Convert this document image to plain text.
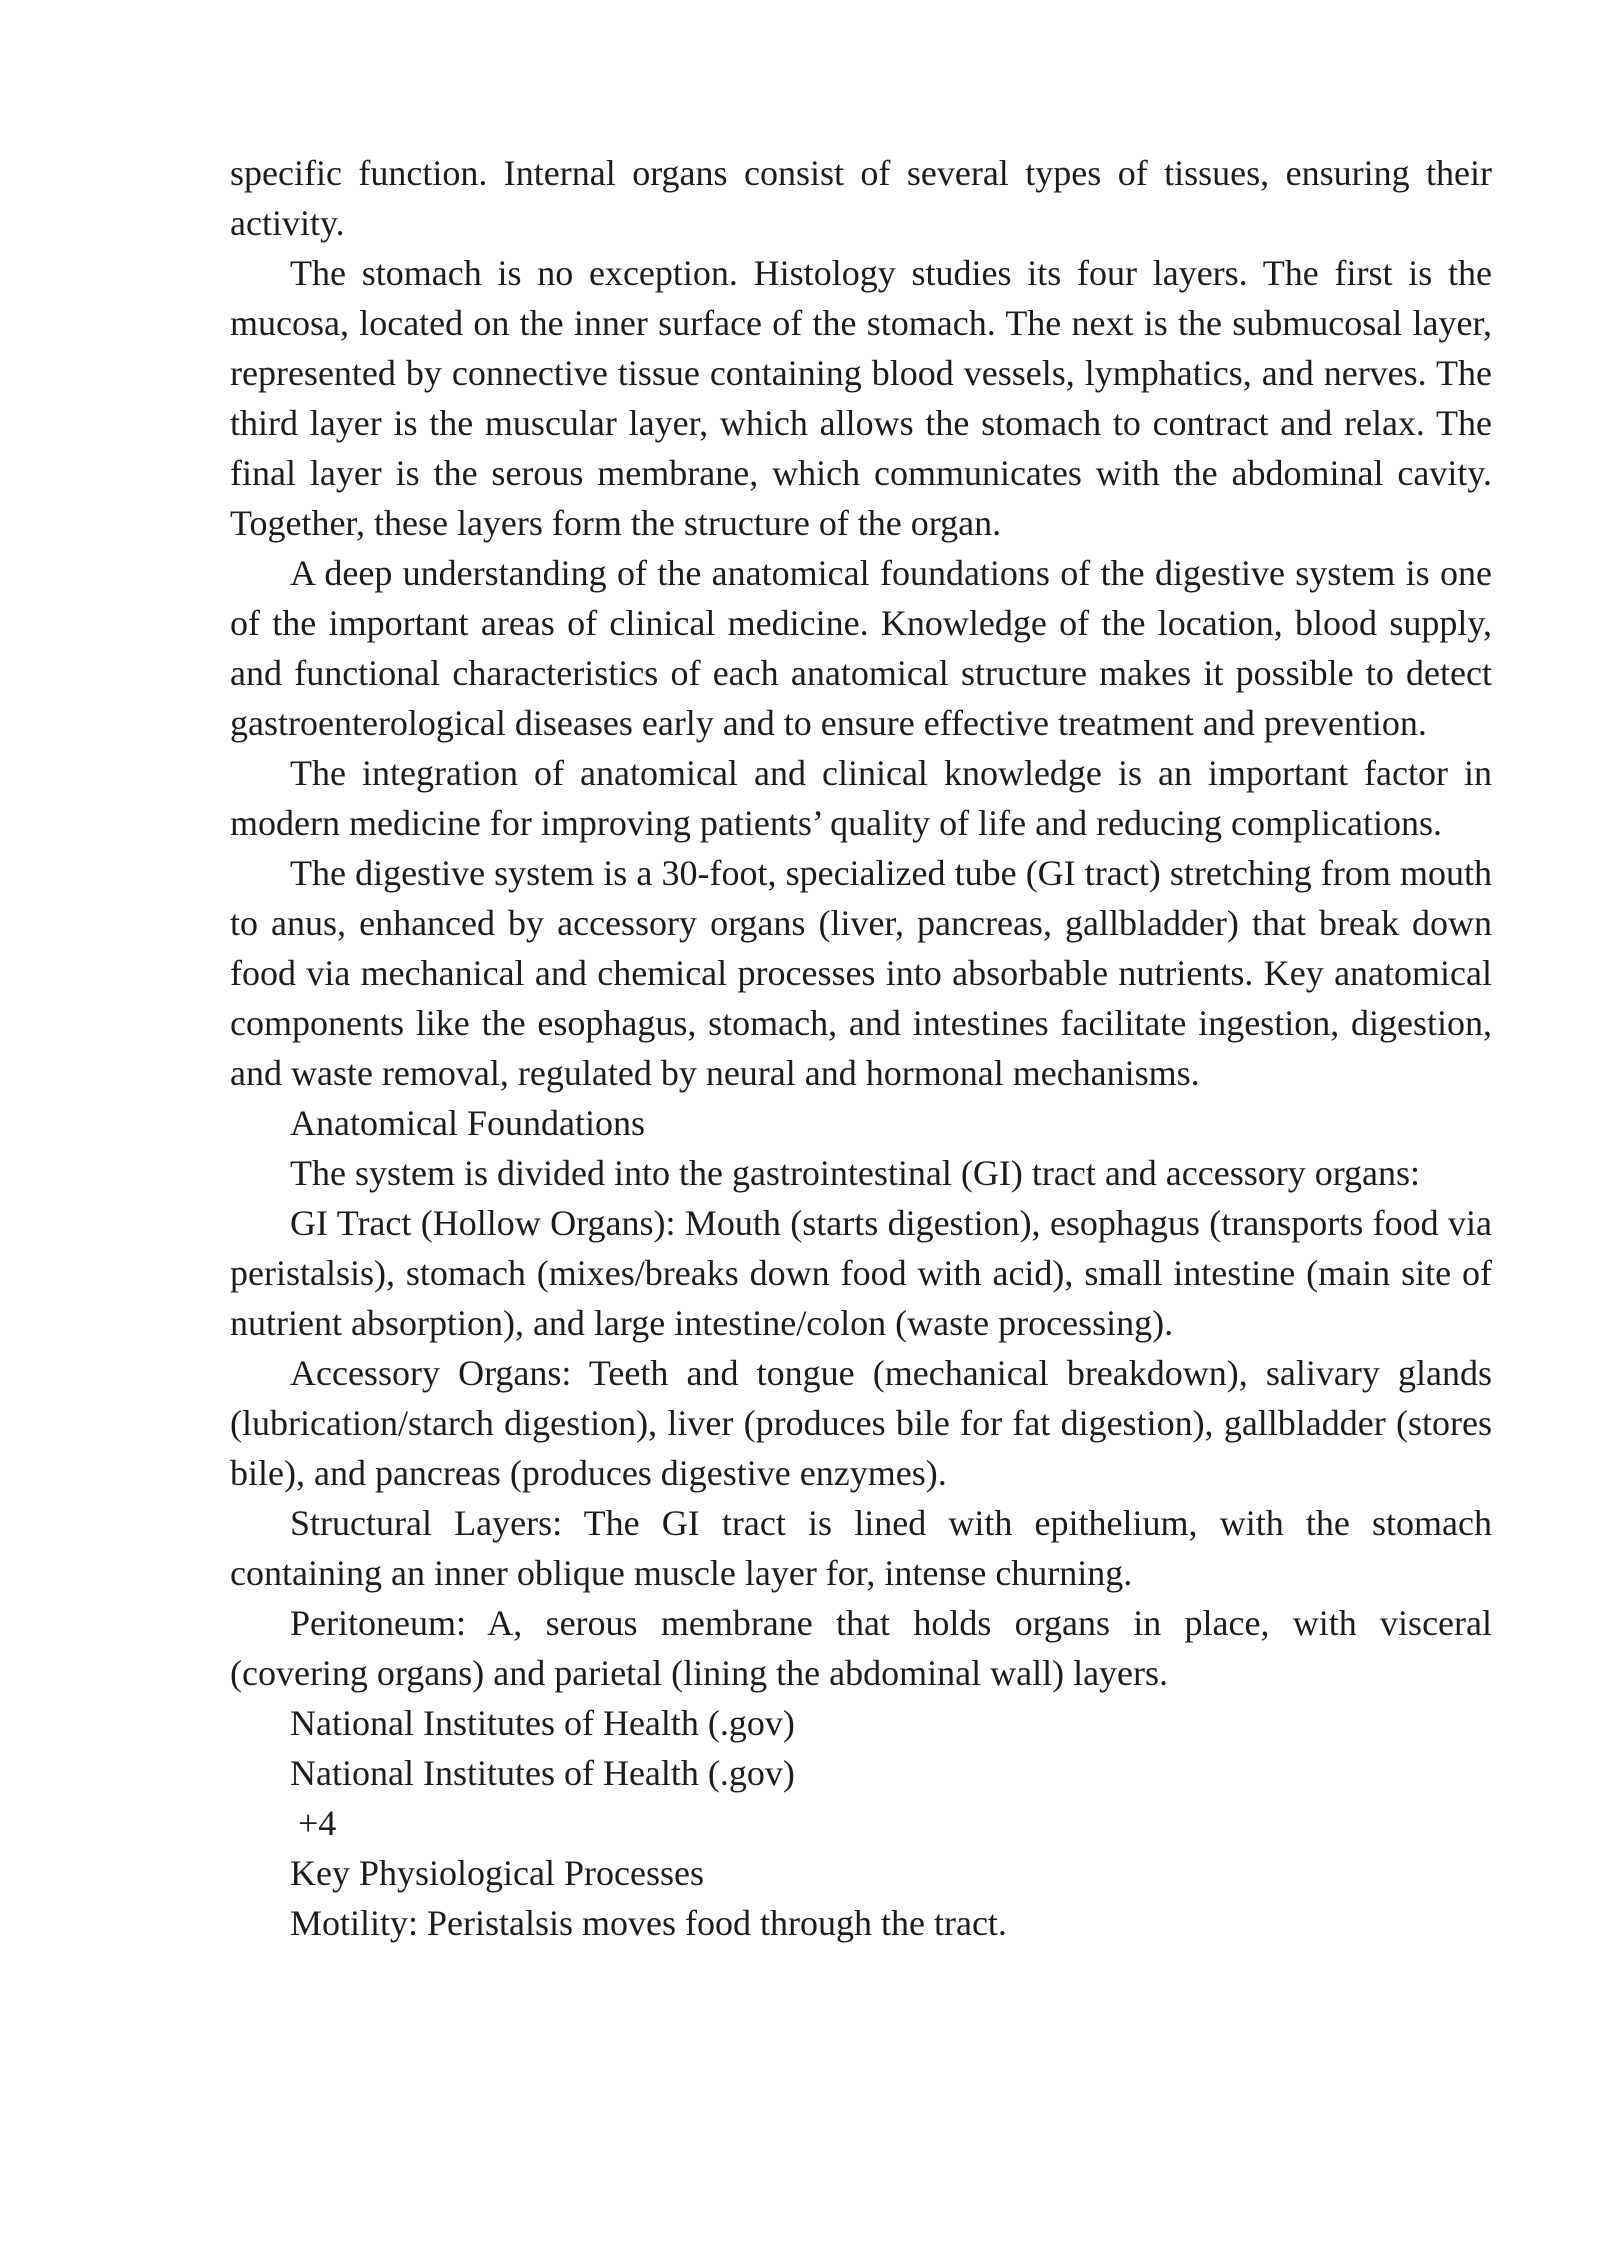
specific function. Internal organs consist of several types of tissues, ensuring their activity.

The stomach is no exception. Histology studies its four layers. The first is the mucosa, located on the inner surface of the stomach. The next is the submucosal layer, represented by connective tissue containing blood vessels, lymphatics, and nerves. The third layer is the muscular layer, which allows the stomach to contract and relax. The final layer is the serous membrane, which communicates with the abdominal cavity. Together, these layers form the structure of the organ.

A deep understanding of the anatomical foundations of the digestive system is one of the important areas of clinical medicine. Knowledge of the location, blood supply, and functional characteristics of each anatomical structure makes it possible to detect gastroenterological diseases early and to ensure effective treatment and prevention.

The integration of anatomical and clinical knowledge is an important factor in modern medicine for improving patients’ quality of life and reducing complications.

The digestive system is a 30-foot, specialized tube (GI tract) stretching from mouth to anus, enhanced by accessory organs (liver, pancreas, gallbladder) that break down food via mechanical and chemical processes into absorbable nutrients. Key anatomical components like the esophagus, stomach, and intestines facilitate ingestion, digestion, and waste removal, regulated by neural and hormonal mechanisms.

Anatomical Foundations

The system is divided into the gastrointestinal (GI) tract and accessory organs:

GI Tract (Hollow Organs): Mouth (starts digestion), esophagus (transports food via peristalsis), stomach (mixes/breaks down food with acid), small intestine (main site of nutrient absorption), and large intestine/colon (waste processing).

Accessory Organs: Teeth and tongue (mechanical breakdown), salivary glands (lubrication/starch digestion), liver (produces bile for fat digestion), gallbladder (stores bile), and pancreas (produces digestive enzymes).

Structural Layers: The GI tract is lined with epithelium, with the stomach containing an inner oblique muscle layer for, intense churning.

Peritoneum: A, serous membrane that holds organs in place, with visceral (covering organs) and parietal (lining the abdominal wall) layers.

National Institutes of Health (.gov)

National Institutes of Health (.gov)

+4

Key Physiological Processes

Motility: Peristalsis moves food through the tract.
